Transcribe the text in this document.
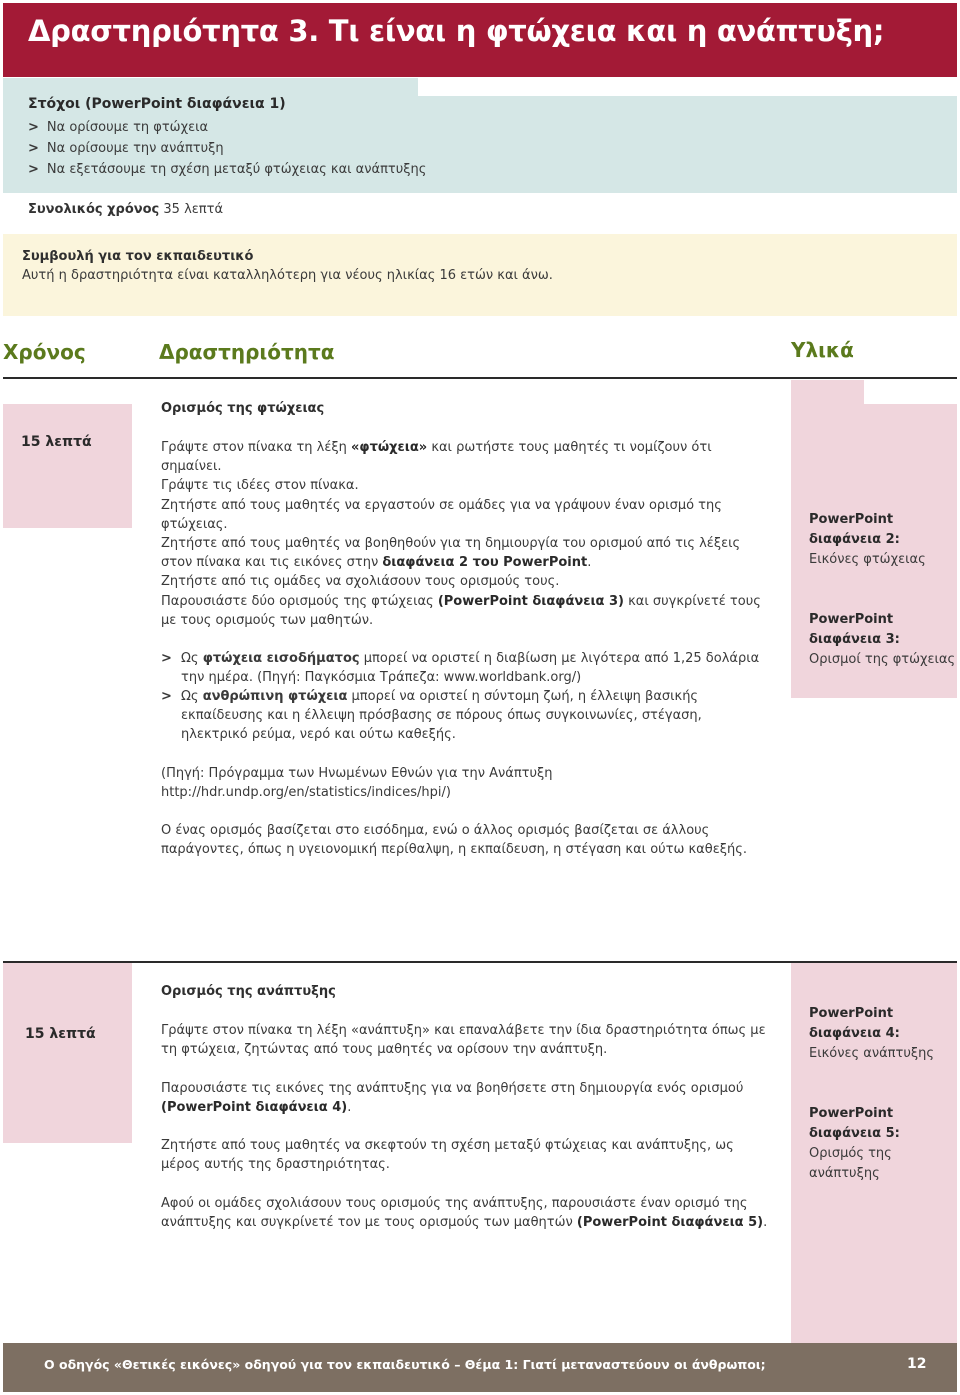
Δραστηριότητα 3. Τι είναι η φτώχεια και η ανάπτυξη;
Στόχοι (PowerPoint διαφάνεια 1)
> Να ορίσουμε τη φτώχεια
> Να ορίσουμε την ανάπτυξη
> Να εξετάσουμε τη σχέση μεταξύ φτώχειας και ανάπτυξης
Συνολικός χρόνος 35 λεπτά
Συμβουλή για τον εκπαιδευτικό
Αυτή η δραστηριότητα είναι καταλληλότερη για νέους ηλικίας 16 ετών και άνω.
Χρόνος	Δραστηριότητα	Υλικά
15 λεπτά
Ορισμός της φτώχειας
Γράψτε στον πίνακα τη λέξη «φτώχεια» και ρωτήστε τους μαθητές τι νομίζουν ότι σημαίνει.
Γράψτε τις ιδέες στον πίνακα.
Ζητήστε από τους μαθητές να εργαστούν σε ομάδες για να γράψουν έναν ορισμό της φτώχειας.
Ζητήστε από τους μαθητές να βοηθηθούν για τη δημιουργία του ορισμού από τις λέξεις στον πίνακα και τις εικόνες στην διαφάνεια 2 του PowerPoint.
Ζητήστε από τις ομάδες να σχολιάσουν τους ορισμούς τους.
Παρουσιάστε δύο ορισμούς της φτώχειας (PowerPoint διαφάνεια 3) και συγκρίνετέ τους με τους ορισμούς των μαθητών.
> Ως φτώχεια εισοδήματος μπορεί να οριστεί η διαβίωση με λιγότερα από 1,25 δολάρια την ημέρα. (Πηγή: Παγκόσμια Τράπεζα: www.worldbank.org/)
> Ως ανθρώπινη φτώχεια μπορεί να οριστεί η σύντομη ζωή, η έλλειψη βασικής εκπαίδευσης και η έλλειψη πρόσβασης σε πόρους όπως συγκοινωνίες, στέγαση, ηλεκτρικό ρεύμα, νερό και ούτω καθεξής.
(Πηγή: Πρόγραμμα των Ηνωμένων Εθνών για την Ανάπτυξη
http://hdr.undp.org/en/statistics/indices/hpi/)
Ο ένας ορισμός βασίζεται στο εισόδημα, ενώ ο άλλος ορισμός βασίζεται σε άλλους παράγοντες, όπως η υγειονομική περίθαλψη, η εκπαίδευση, η στέγαση και ούτω καθεξής.
PowerPoint
διαφάνεια 2:
Εικόνες φτώχειας
PowerPoint
διαφάνεια 3:
Ορισμοί της φτώχειας
15 λεπτά
Ορισμός της ανάπτυξης
Γράψτε στον πίνακα τη λέξη «ανάπτυξη» και επαναλάβετε την ίδια δραστηριότητα όπως με τη φτώχεια, ζητώντας από τους μαθητές να ορίσουν την ανάπτυξη.
Παρουσιάστε τις εικόνες της ανάπτυξης για να βοηθήσετε στη δημιουργία ενός ορισμού (PowerPoint διαφάνεια 4).
Ζητήστε από τους μαθητές να σκεφτούν τη σχέση μεταξύ φτώχειας και ανάπτυξης, ως μέρος αυτής της δραστηριότητας.
Αφού οι ομάδες σχολιάσουν τους ορισμούς της ανάπτυξης, παρουσιάστε έναν ορισμό της ανάπτυξης και συγκρίνετέ τον με τους ορισμούς των μαθητών (PowerPoint διαφάνεια 5).
PowerPoint
διαφάνεια 4:
Εικόνες ανάπτυξης
PowerPoint
διαφάνεια 5:
Ορισμός της ανάπτυξης
Ο οδηγός «Θετικές εικόνες» οδηγού για τον εκπαιδευτικό – Θέμα 1: Γιατί μεταναστεύουν οι άνθρωποι;	12
